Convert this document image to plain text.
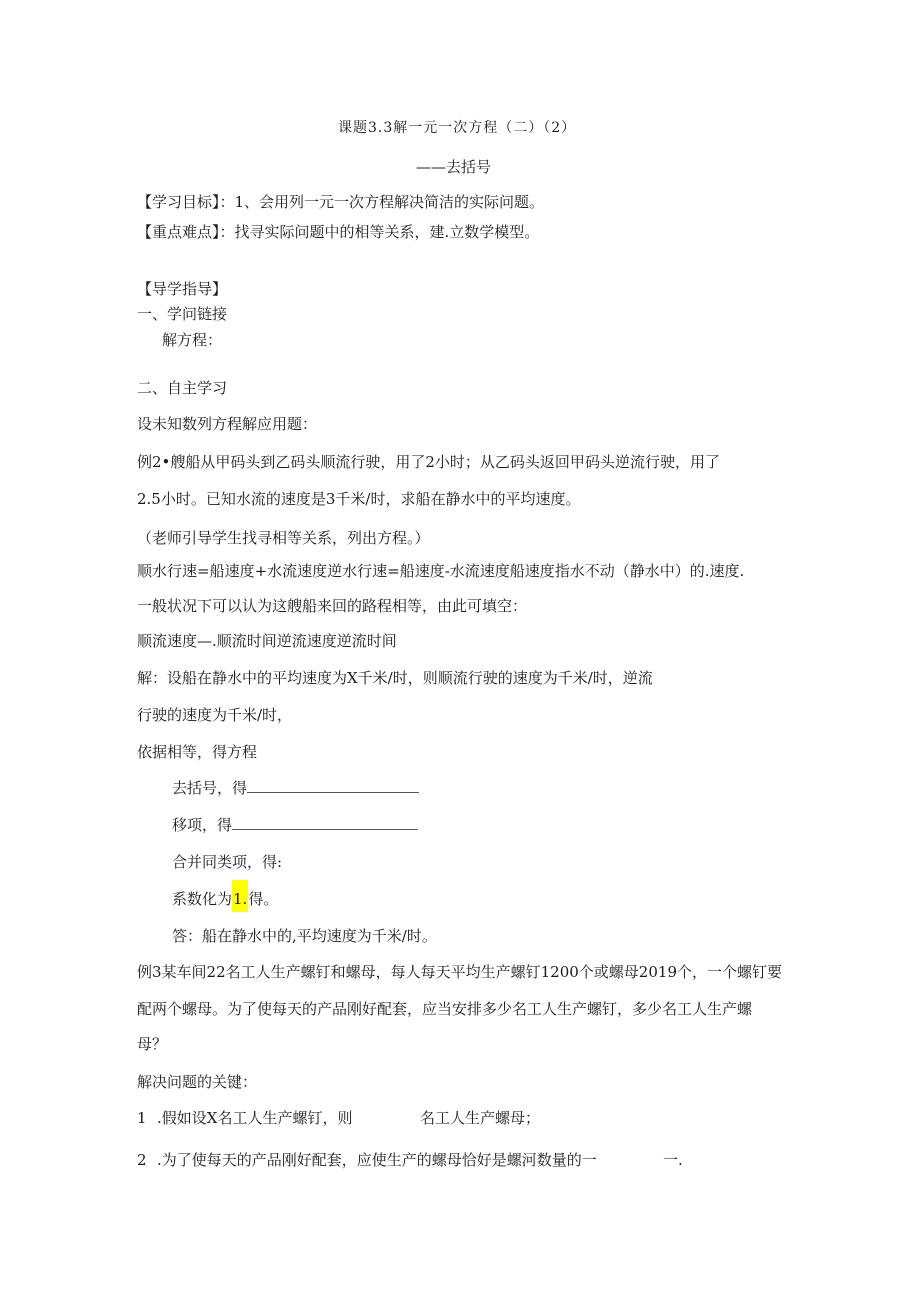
课题3.3解一元一次方程（二）（2）
——去括号
【学习目标】：1、会用列一元一次方程解决简洁的实际问题。
【重点难点】：找寻实际问题中的相等关系，建.立数学模型。
【导学指导】
一、学问链接
解方程：
二、自主学习
设未知数列方程解应用题：
例2•艘船从甲码头到乙码头顺流行驶，用了2小时；从乙码头返回甲码头逆流行驶，用了
2.5小时。已知水流的速度是3千米/时，求船在静水中的平均速度。
（老师引导学生找寻相等关系，列出方程。）
顺水行速=船速度+水流速度逆水行速=船速度-水流速度船速度指水不动（静水中）的.速度.
一般状况下可以认为这艘船来回的路程相等，由此可填空：
顺流速度—.顺流时间逆流速度逆流时间
解：设船在静水中的平均速度为X千米/时，则顺流行驶的速度为千米/时，逆流
行驶的速度为千米/时，
依据相等，得方程
去括号，得
移项，得
合并同类项，得:
系数化为1.得。
答：船在静水中的,平均速度为千米/时。
例3某车间22名工人生产螺钉和螺母，每人每天平均生产螺钉1200个或螺母2019个，一个螺钉要
配两个螺母。为了使每天的产品刚好配套，应当安排多少名工人生产螺钉，多少名工人生产螺
母？
解决问题的关键：
1 .假如设X名工人生产螺钉，则	名工人生产螺母；
2 .为了使每天的产品刚好配套，应使生产的螺母恰好是螺河数量的一	一.
